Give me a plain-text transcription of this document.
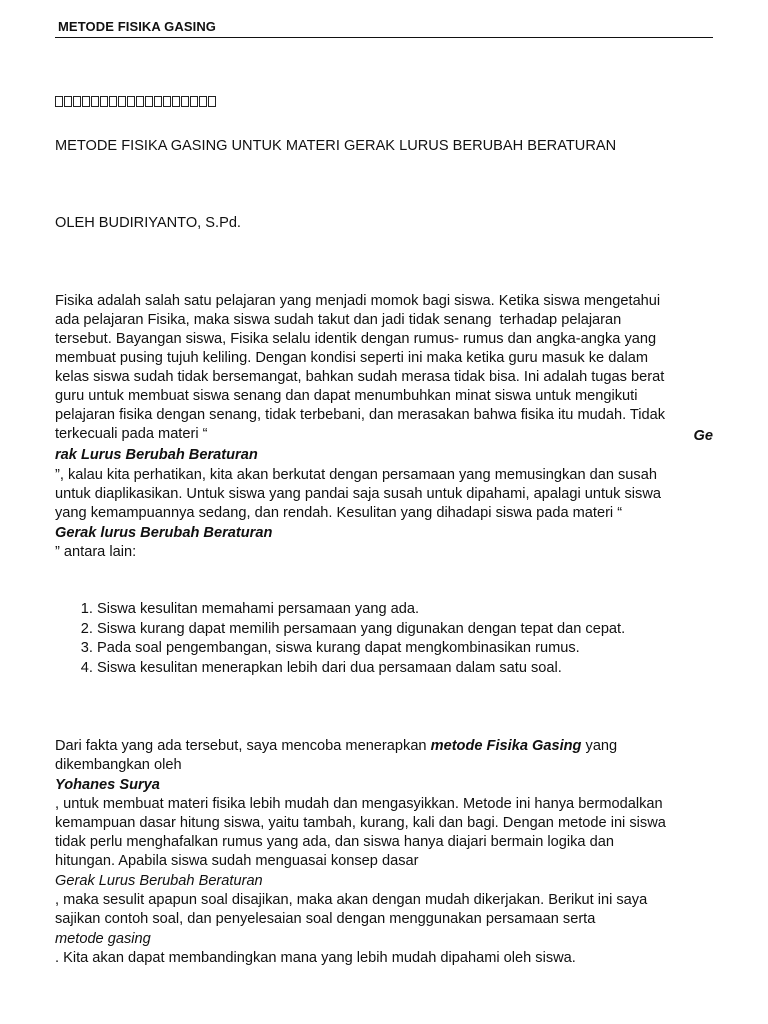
METODE FISIKA GASING
METODE FISIKA GASING UNTUK MATERI GERAK LURUS BERUBAH BERATURAN
OLEH BUDIRIYANTO, S.Pd.
Fisika adalah salah satu pelajaran yang menjadi momok bagi siswa. Ketika siswa mengetahui
ada pelajaran Fisika, maka siswa sudah takut dan jadi tidak senang  terhadap pelajaran
tersebut. Bayangan siswa, Fisika selalu identik dengan rumus- rumus dan angka-angka yang
membuat pusing tujuh keliling. Dengan kondisi seperti ini maka ketika guru masuk ke dalam
kelas siswa sudah tidak bersemangat, bahkan sudah merasa tidak bisa. Ini adalah tugas berat
guru untuk membuat siswa senang dan dapat menumbuhkan minat siswa untuk mengikuti
pelajaran fisika dengan senang, tidak terbebani, dan merasakan bahwa fisika itu mudah. Tidak
terkecuali pada materi “	Ge
rak Lurus Berubah Beraturan
”, kalau kita perhatikan, kita akan berkutat dengan persamaan yang memusingkan dan susah
untuk diaplikasikan. Untuk siswa yang pandai saja susah untuk dipahami, apalagi untuk siswa
yang kemampuannya sedang, dan rendah. Kesulitan yang dihadapi siswa pada materi “
Gerak lurus Berubah Beraturan
” antara lain:
1. Siswa kesulitan memahami persamaan yang ada.
2. Siswa kurang dapat memilih persamaan yang digunakan dengan tepat dan cepat.
3. Pada soal pengembangan, siswa kurang dapat mengkombinasikan rumus.
4. Siswa kesulitan menerapkan lebih dari dua persamaan dalam satu soal.
Dari fakta yang ada tersebut, saya mencoba menerapkan metode Fisika Gasing yang
dikembangkan oleh
Yohanes Surya
, untuk membuat materi fisika lebih mudah dan mengasyikkan. Metode ini hanya bermodalkan
kemampuan dasar hitung siswa, yaitu tambah, kurang, kali dan bagi. Dengan metode ini siswa
tidak perlu menghafalkan rumus yang ada, dan siswa hanya diajari bermain logika dan
hitungan. Apabila siswa sudah menguasai konsep dasar
Gerak Lurus Berubah Beraturan
, maka sesulit apapun soal disajikan, maka akan dengan mudah dikerjakan. Berikut ini saya
sajikan contoh soal, dan penyelesaian soal dengan menggunakan persamaan serta
metode gasing
. Kita akan dapat membandingkan mana yang lebih mudah dipahami oleh siswa.
